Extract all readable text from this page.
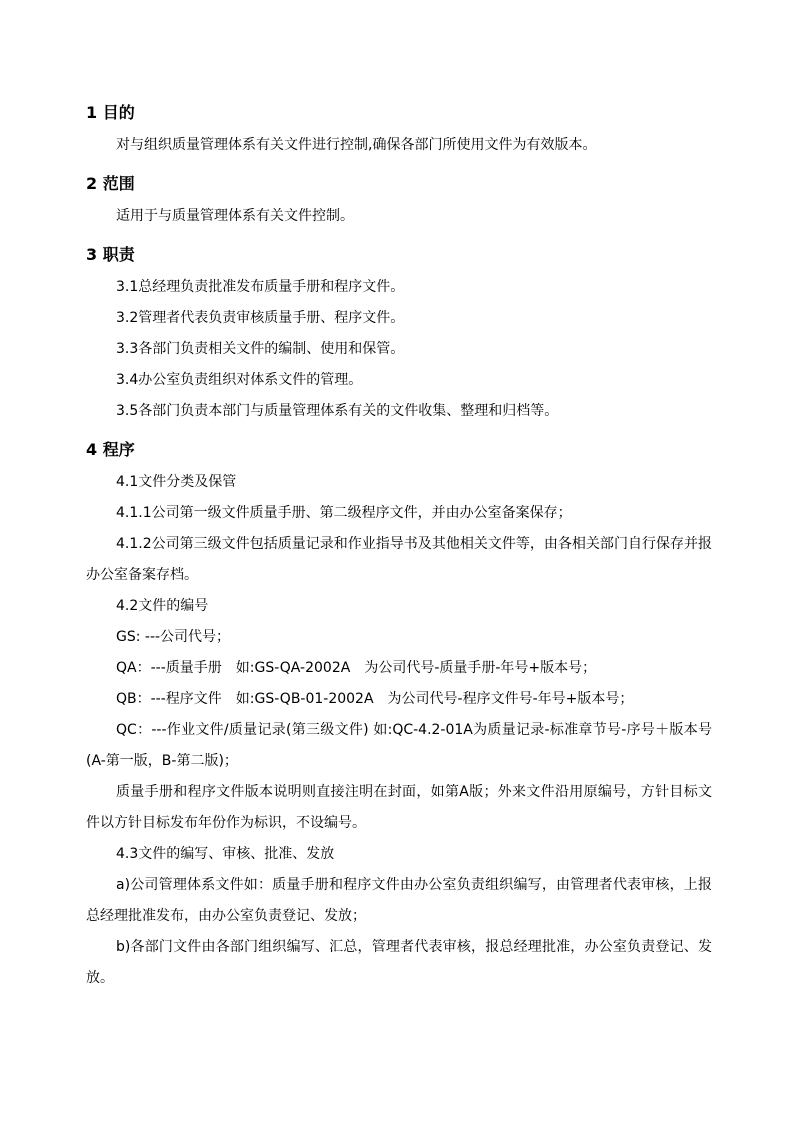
1 目的
对与组织质量管理体系有关文件进行控制,确保各部门所使用文件为有效版本。
2 范围
适用于与质量管理体系有关文件控制。
3 职责
3.1总经理负责批准发布质量手册和程序文件。
3.2管理者代表负责审核质量手册、程序文件。
3.3各部门负责相关文件的编制、使用和保管。
3.4办公室负责组织对体系文件的管理。
3.5各部门负责本部门与质量管理体系有关的文件收集、整理和归档等。
4 程序
4.1文件分类及保管
4.1.1公司第一级文件质量手册、第二级程序文件，并由办公室备案保存；
4.1.2公司第三级文件包括质量记录和作业指导书及其他相关文件等，由各相关部门自行保存并报办公室备案存档。
4.2文件的编号
GS: ---公司代号；
QA：---质量手册　如:GS-QA-2002A　为公司代号-质量手册-年号+版本号；
QB：---程序文件　如:GS-QB-01-2002A　为公司代号-程序文件号-年号+版本号；
QC：---作业文件/质量记录(第三级文件) 如:QC-4.2-01A为质量记录-标准章节号-序号＋版本号 (A-第一版，B-第二版)；
质量手册和程序文件版本说明则直接注明在封面，如第A版；外来文件沿用原编号，方针目标文件以方针目标发布年份作为标识，不设编号。
4.3文件的编写、审核、批准、发放
a)公司管理体系文件如：质量手册和程序文件由办公室负责组织编写，由管理者代表审核，上报总经理批准发布，由办公室负责登记、发放；
b)各部门文件由各部门组织编写、汇总，管理者代表审核，报总经理批准，办公室负责登记、发放。
